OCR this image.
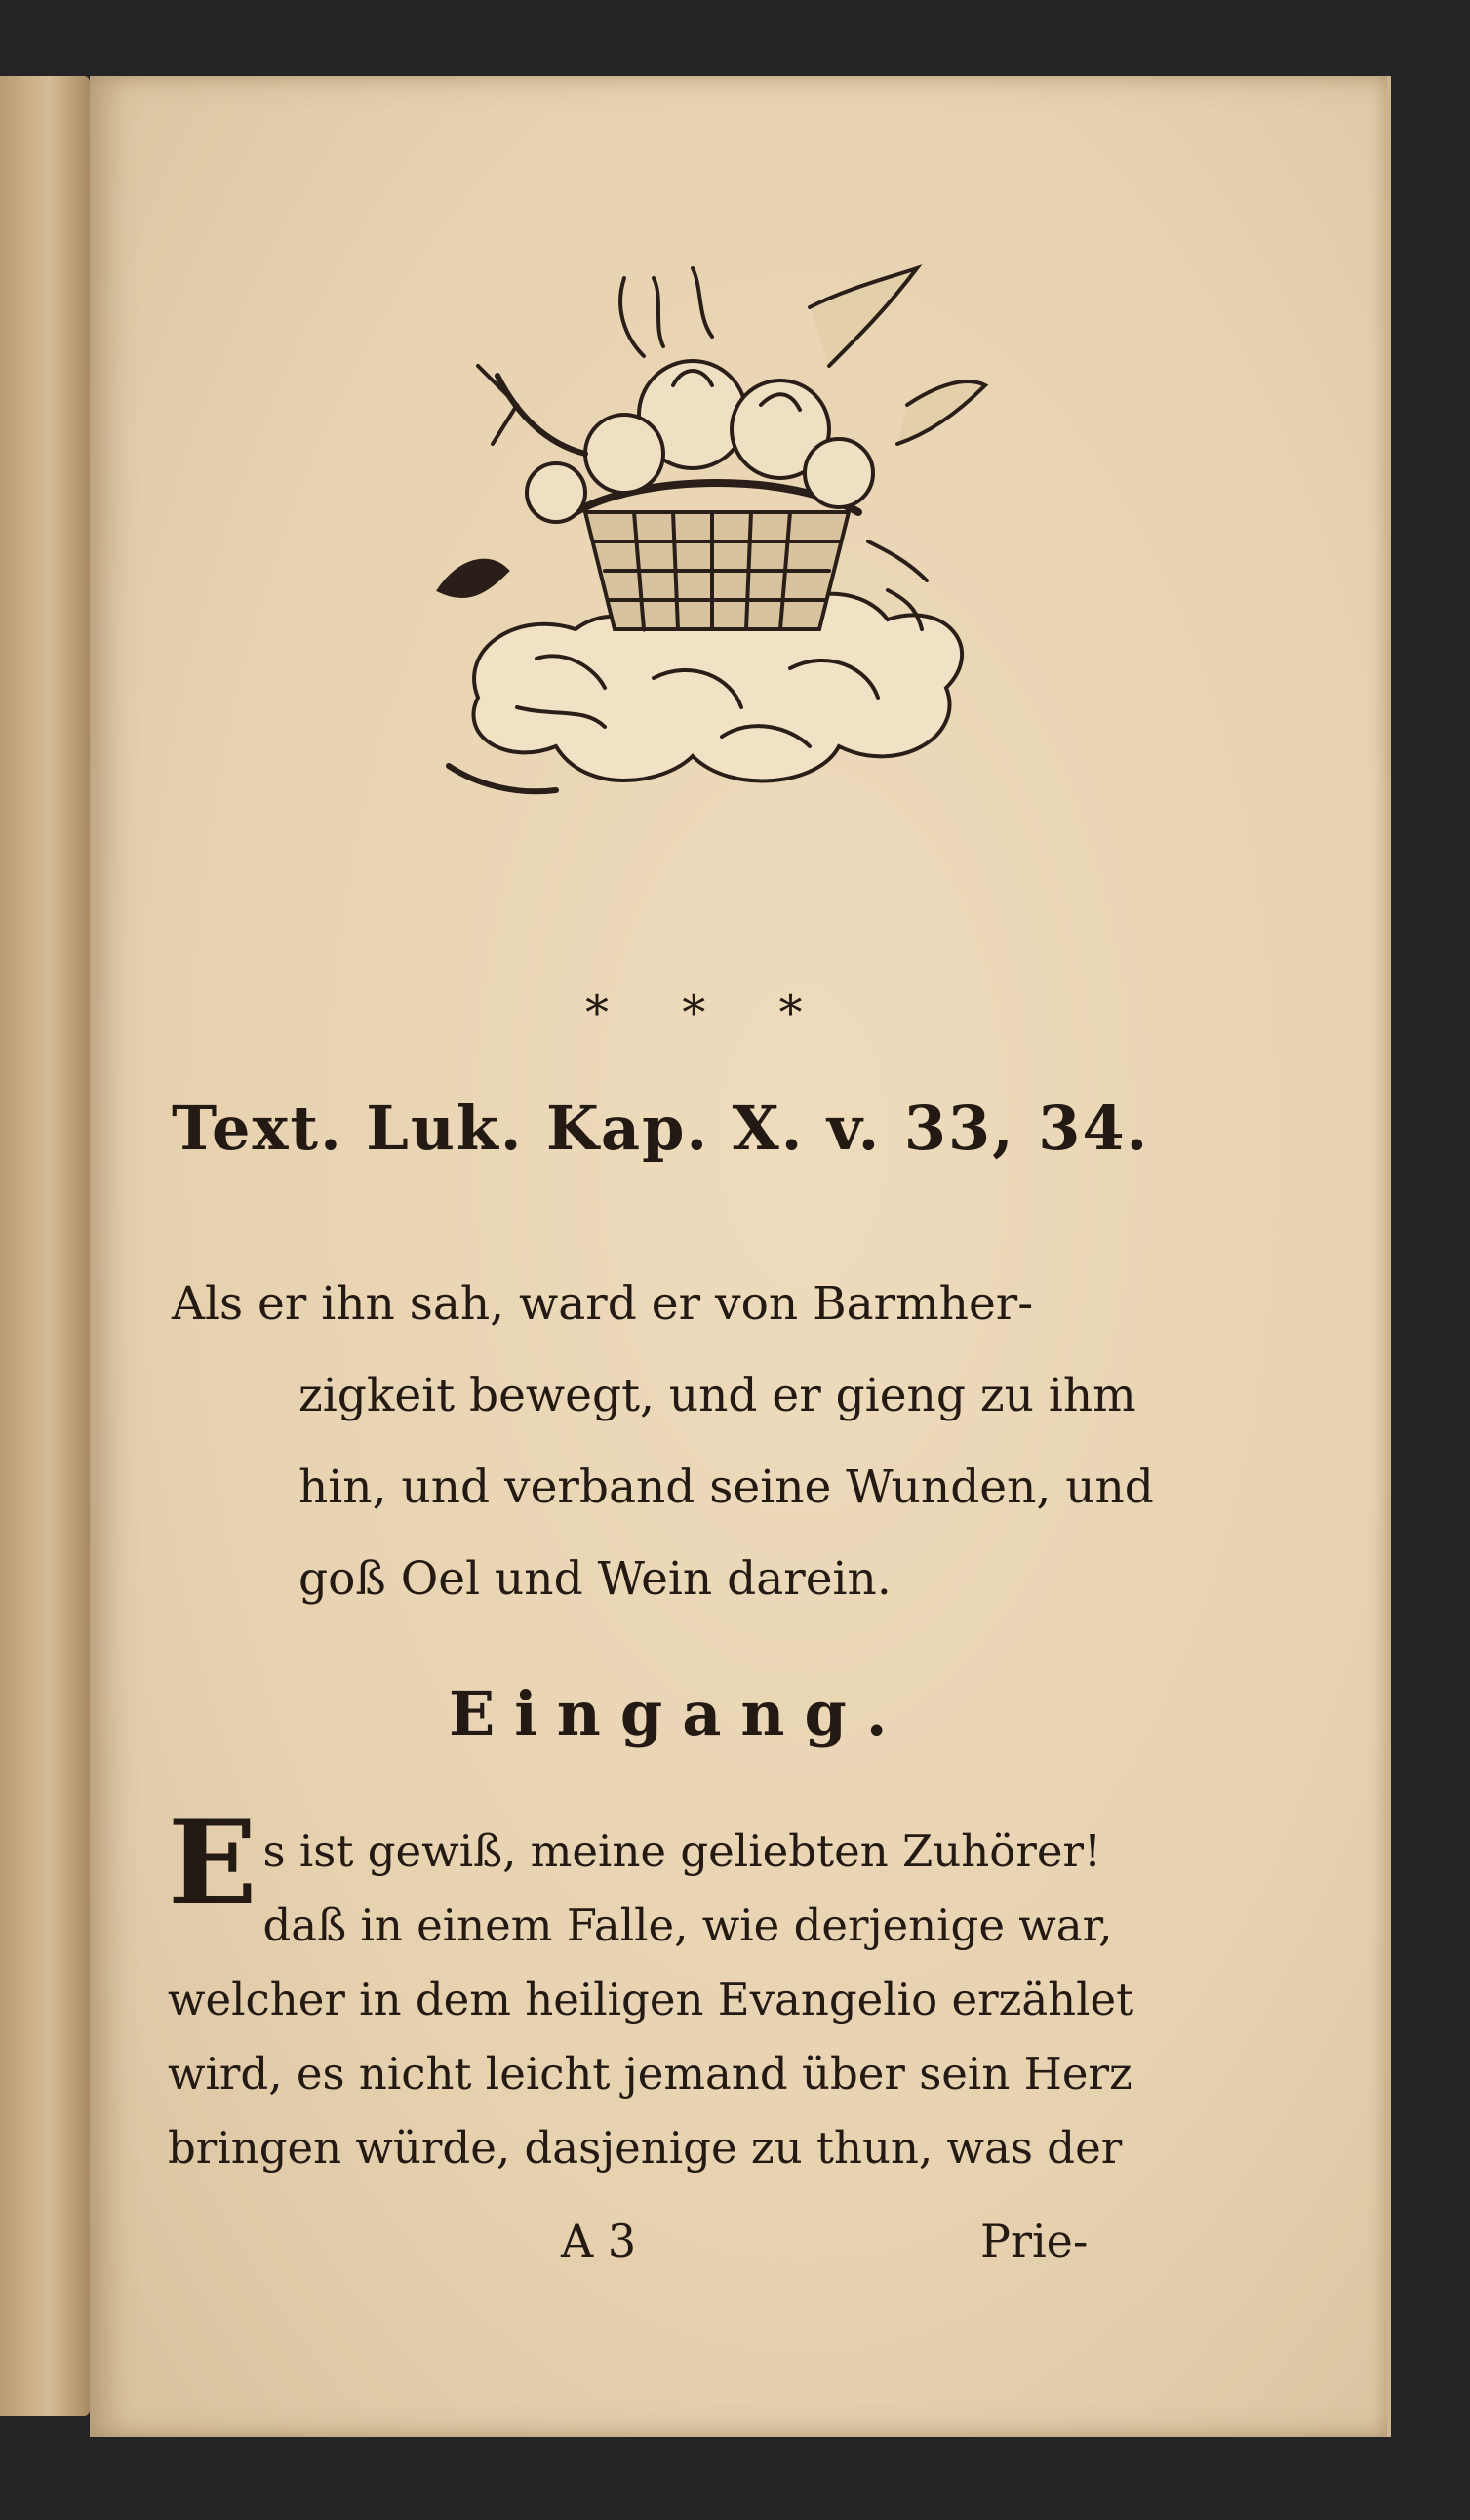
* * *
Text. Luk. Kap. X. v. 33, 34.
Als er ihn sah, ward er von Barmher-
zigkeit bewegt, und er gieng zu ihm
hin, und verband seine Wunden, und
goß Oel und Wein darein.
Eingang.
E s ist gewiß, meine geliebten Zuhörer! daß in einem Falle, wie derjenige war, welcher in dem heiligen Evangelio erzählet wird, es nicht leicht jemand über sein Herz bringen würde, dasjenige zu thun, was der
A 3	Prie-
